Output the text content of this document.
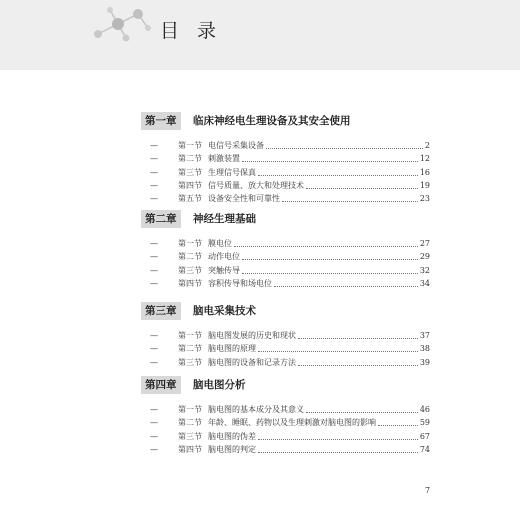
目 录
第一章	临床神经电生理设备及其安全使用
—	第一节 电信号采集设备	2
—	第二节 刺激装置	12
—	第三节 生理信号保真	16
—	第四节 信号质量、放大和处理技术	19
—	第五节 设备安全性和可靠性	23
第二章	神经生理基础
—	第一节 膜电位	27
—	第二节 动作电位	29
—	第三节 突触传导	32
—	第四节 容积传导和场电位	34
第三章	脑电采集技术
—	第一节 脑电图发展的历史和现状	37
—	第二节 脑电图的原理	38
—	第三节 脑电图的设备和记录方法	39
第四章	脑电图分析
—	第一节 脑电图的基本成分及其意义	46
—	第二节 年龄、睡眠、药物以及生理刺激对脑电图的影响	59
—	第三节 脑电图的伪差	67
—	第四节 脑电图的判定	74
7
